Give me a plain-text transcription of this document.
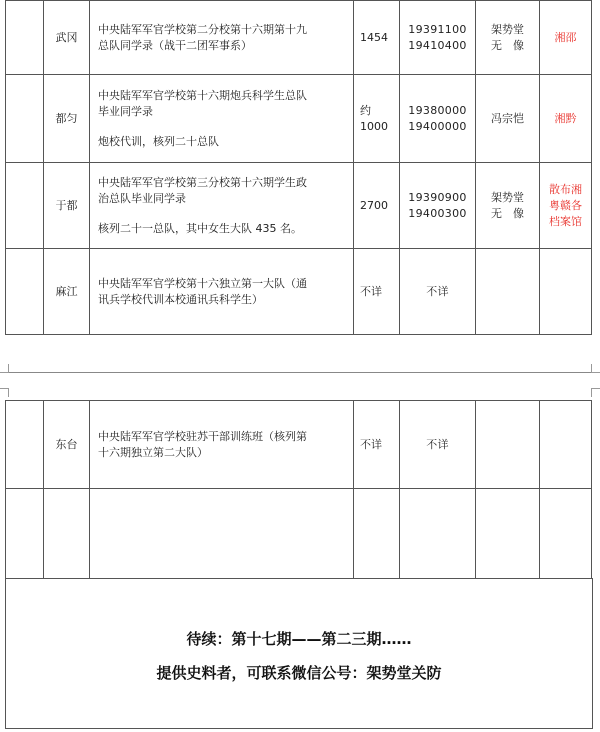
	武冈	中央陆军军官学校第二分校第十六期第十九
总队同学录（战干二团军事系）	1454	19391100
19410400	架势堂
无　像	湘邵

	都匀	中央陆军军官学校第十六期炮兵科学生总队
毕业同学录
炮校代训，核列二十总队	约
1000	19380000
19400000	冯宗恺	湘黔

	于都	中央陆军军官学校第三分校第十六期学生政
治总队毕业同学录
核列二十一总队，其中女生大队 435 名。	2700	19390900
19400300	架势堂
无　像	散布湘
粤赣各
档案馆

	麻江	中央陆军军官学校第十六独立第一大队（通
讯兵学校代训本校通讯兵科学生）	不详	不详		

	东台	中央陆军军官学校驻苏干部训练班（核列第
十六期独立第二大队）	不详	不详		

待续：第十七期——第二三期……
提供史料者，可联系微信公号：架势堂关防
